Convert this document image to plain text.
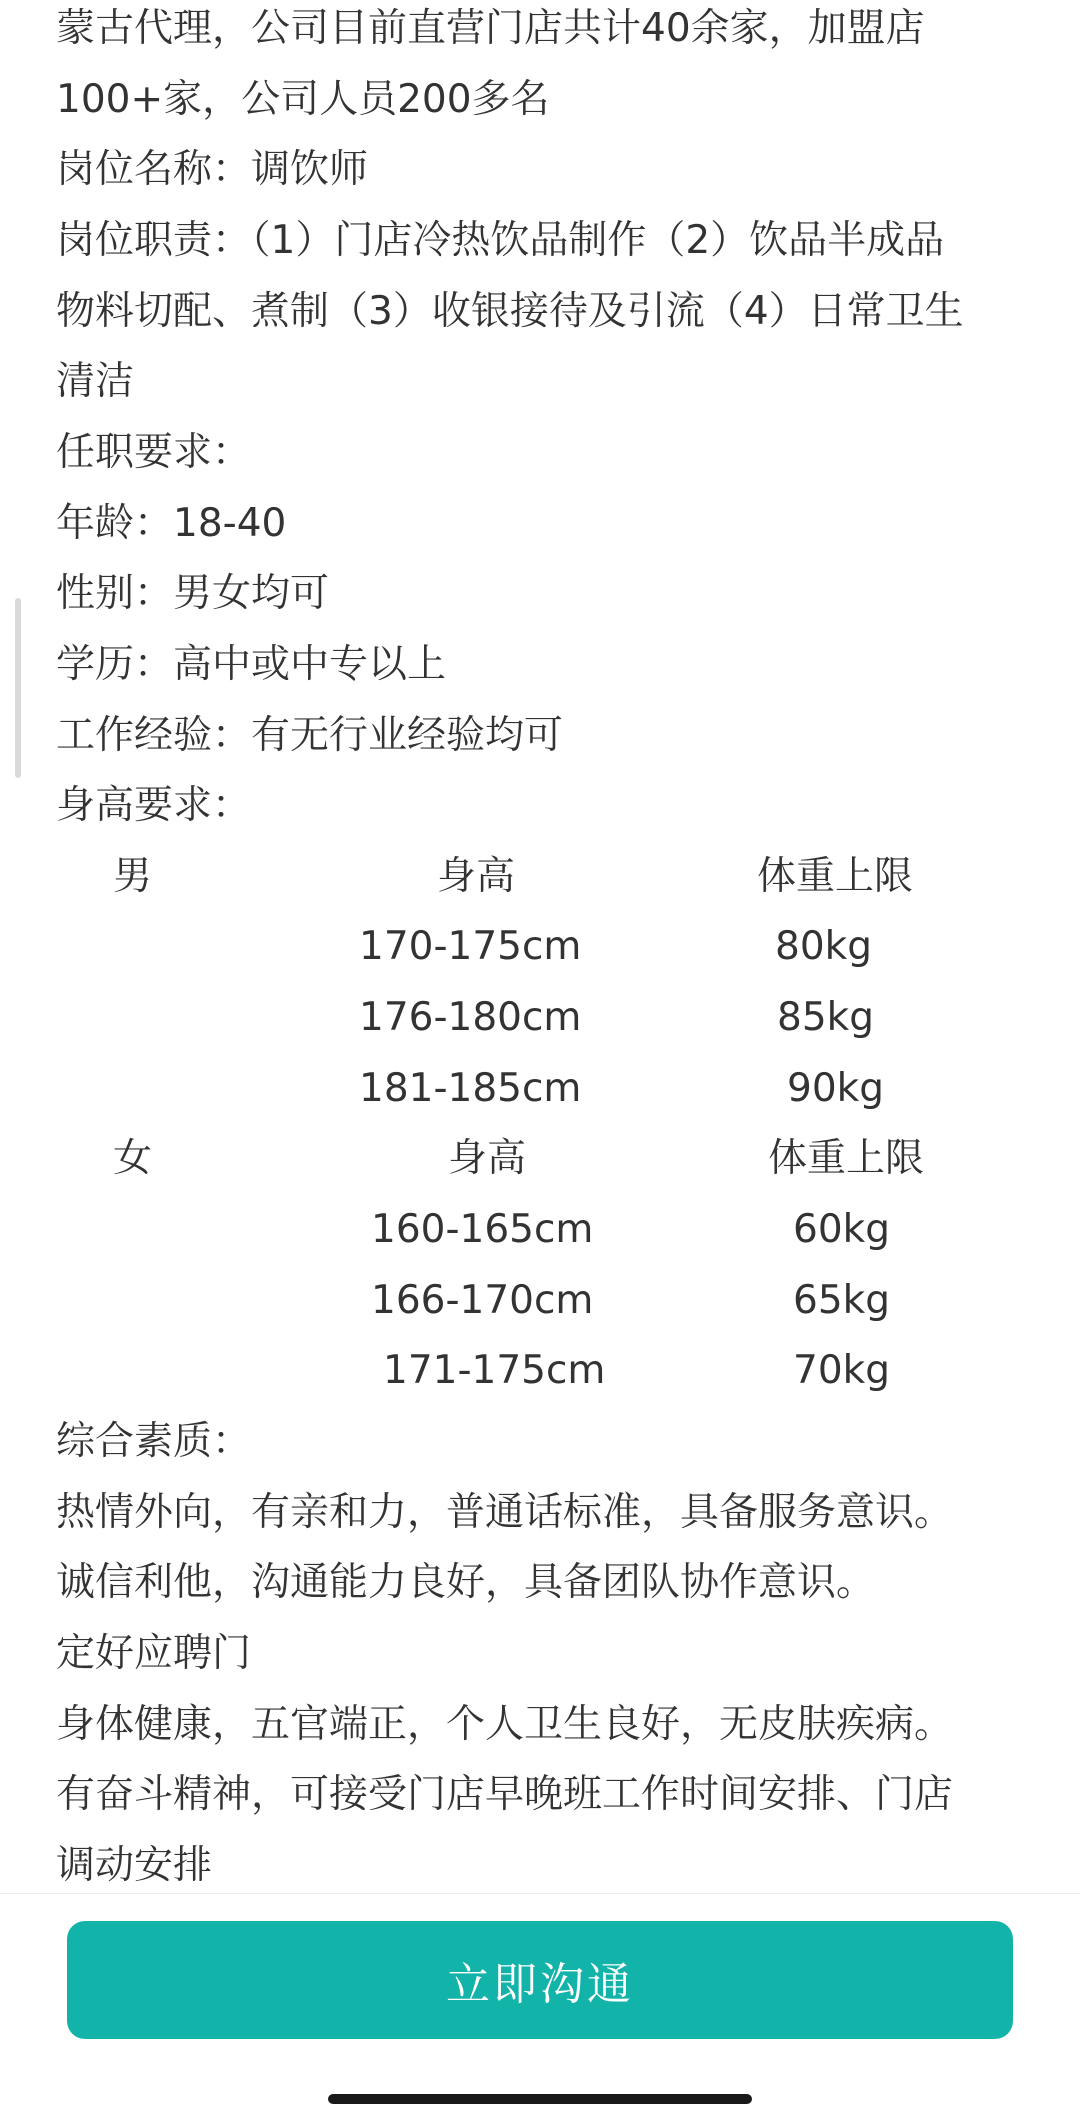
蒙古代理，公司目前直营门店共计40余家，加盟店
100+家，公司人员200多名
岗位名称：调饮师
岗位职责：（1）门店冷热饮品制作（2）饮品半成品
物料切配、煮制（3）收银接待及引流（4）日常卫生
清洁
任职要求：
年龄：18-40
性别：男女均可
学历：高中或中专以上
工作经验：有无行业经验均可
身高要求：
男	身高	体重上限
170-175cm	80kg
176-180cm	85kg
181-185cm	90kg
女	身高	体重上限
160-165cm	60kg
166-170cm	65kg
171-175cm	70kg
综合素质：
热情外向，有亲和力，普通话标准，具备服务意识。
诚信利他，沟通能力良好，具备团队协作意识。
定好应聘门
身体健康，五官端正，个人卫生良好，无皮肤疾病。
有奋斗精神，可接受门店早晚班工作时间安排、门店
调动安排
立即沟通
